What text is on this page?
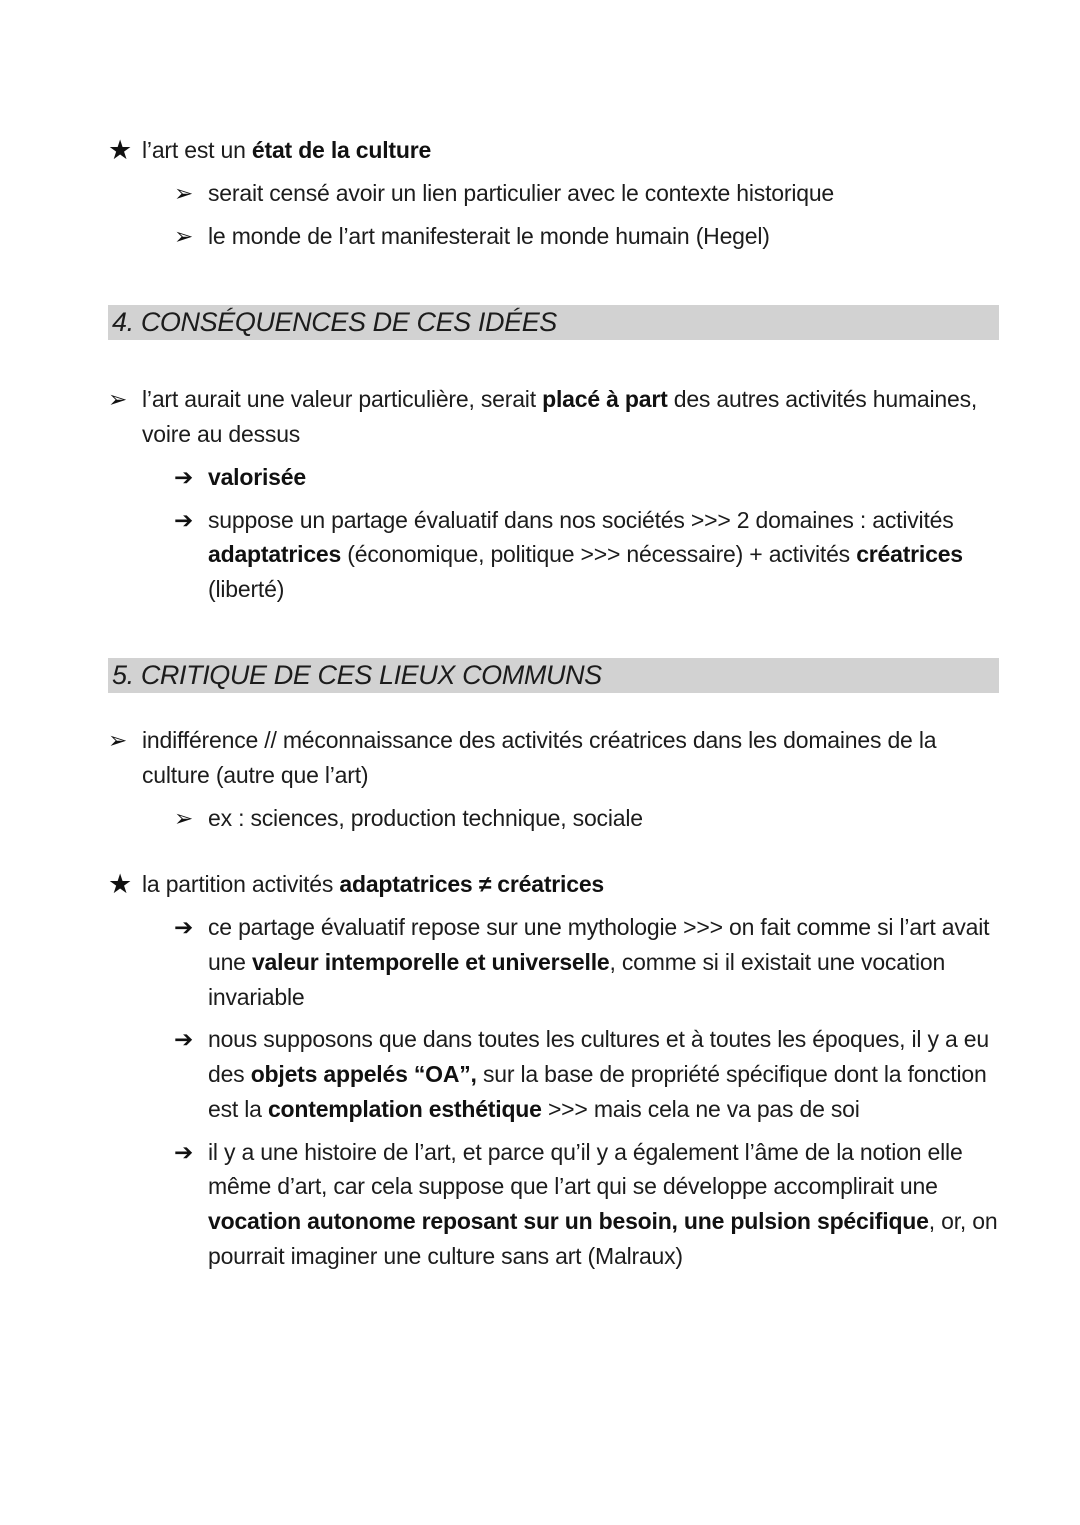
★ l’art est un état de la culture
➢ serait censé avoir un lien particulier avec le contexte historique
➢ le monde de l’art manifesterait le monde humain (Hegel)
4. CONSÉQUENCES DE CES IDÉES
➢ l’art aurait une valeur particulière, serait placé à part des autres activités humaines,
voire au dessus
➔ valorisée
➔ suppose un partage évaluatif dans nos sociétés >>> 2 domaines : activités
adaptatrices (économique, politique >>> nécessaire) + activités créatrices
(liberté)
5. CRITIQUE DE CES LIEUX COMMUNS
➢ indifférence // méconnaissance des activités créatrices dans les domaines de la
culture (autre que l’art)
➢ ex : sciences, production technique, sociale
★ la partition activités adaptatrices ≠ créatrices
➔ ce partage évaluatif repose sur une mythologie >>> on fait comme si l’art avait
une valeur intemporelle et universelle, comme si il existait une vocation
invariable
➔ nous supposons que dans toutes les cultures et à toutes les époques, il y a eu
des objets appelés “OA”, sur la base de propriété spécifique dont la fonction
est la contemplation esthétique >>> mais cela ne va pas de soi
➔ il y a une histoire de l’art, et parce qu’il y a également l’âme de la notion elle
même d’art, car cela suppose que l’art qui se développe accomplirait une
vocation autonome reposant sur un besoin, une pulsion spécifique, or, on
pourrait imaginer une culture sans art (Malraux)
